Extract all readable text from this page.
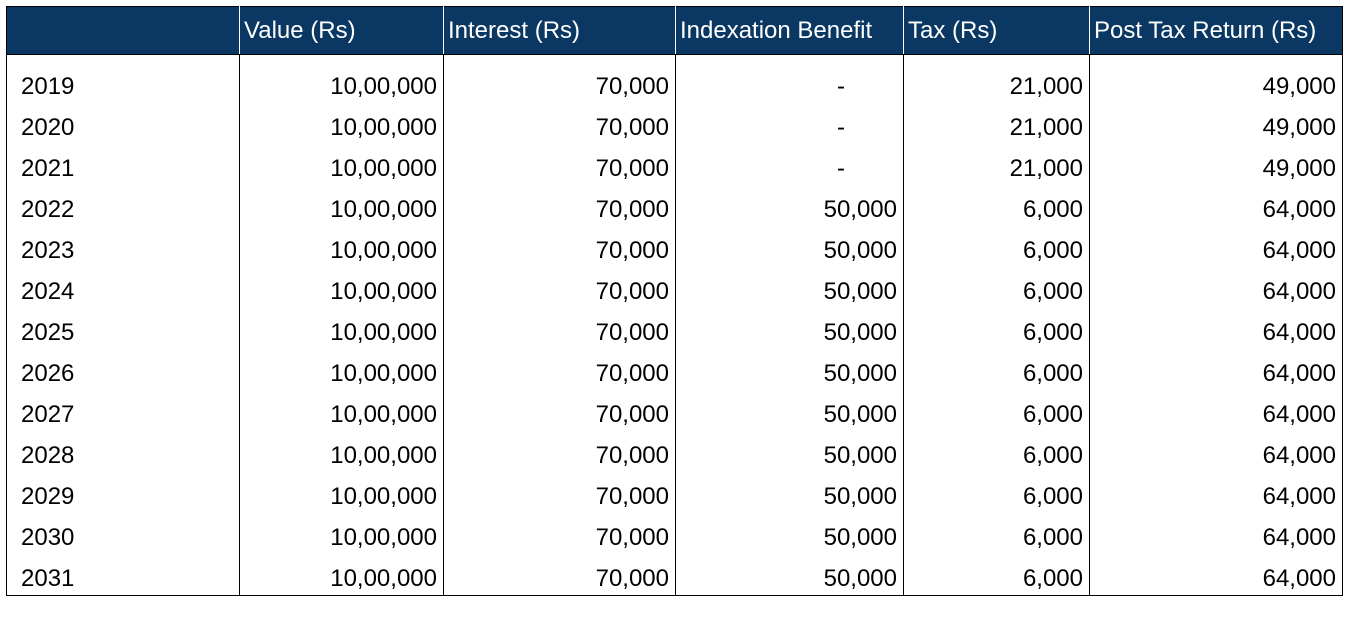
	Value (Rs)	Interest (Rs)	Indexation Benefit	Tax (Rs)	Post Tax Return (Rs)
2019	10,00,000	70,000	-	21,000	49,000
2020	10,00,000	70,000	-	21,000	49,000
2021	10,00,000	70,000	-	21,000	49,000
2022	10,00,000	70,000	50,000	6,000	64,000
2023	10,00,000	70,000	50,000	6,000	64,000
2024	10,00,000	70,000	50,000	6,000	64,000
2025	10,00,000	70,000	50,000	6,000	64,000
2026	10,00,000	70,000	50,000	6,000	64,000
2027	10,00,000	70,000	50,000	6,000	64,000
2028	10,00,000	70,000	50,000	6,000	64,000
2029	10,00,000	70,000	50,000	6,000	64,000
2030	10,00,000	70,000	50,000	6,000	64,000
2031	10,00,000	70,000	50,000	6,000	64,000
